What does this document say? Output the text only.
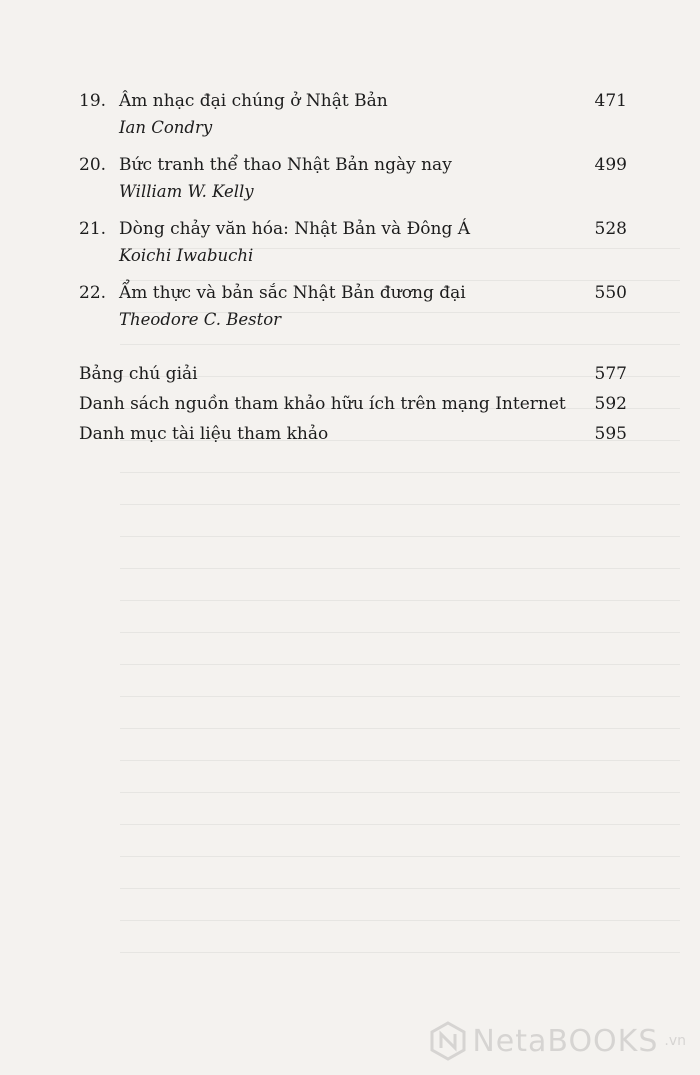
19. Âm nhạc đại chúng ở Nhật Bản	471
Ian Condry
20. Bức tranh thể thao Nhật Bản ngày nay	499
William W. Kelly
21. Dòng chảy văn hóa: Nhật Bản và Đông Á	528
Koichi Iwabuchi
22. Ẩm thực và bản sắc Nhật Bản đương đại	550
Theodore C. Bestor
Bảng chú giải	577
Danh sách nguồn tham khảo hữu ích trên mạng Internet 592
Danh mục tài liệu tham khảo	595
NetaBOOKS .vn
